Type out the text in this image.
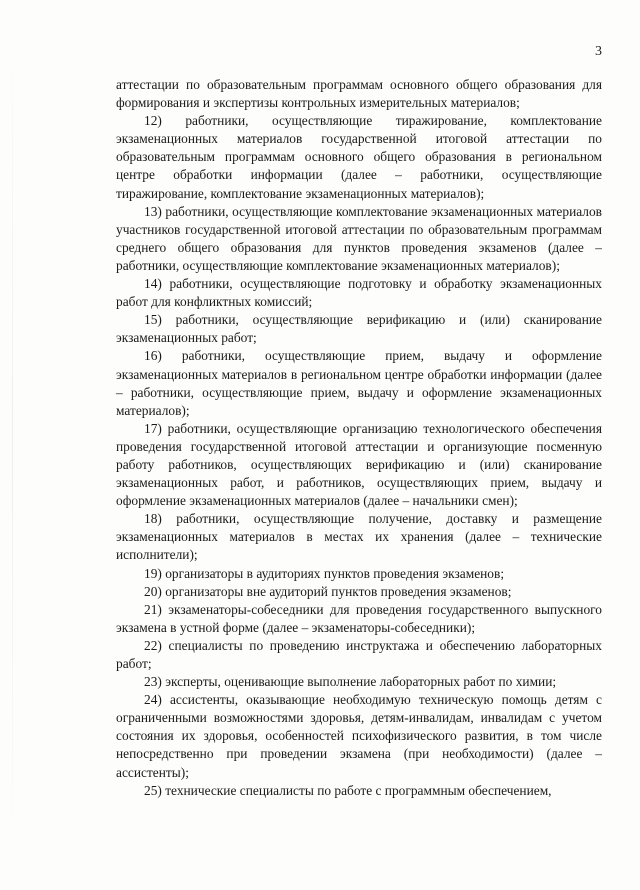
3

аттестации по образовательным программам основного общего образования для формирования и экспертизы контрольных измерительных материалов;

12) работники, осуществляющие тиражирование, комплектование экзаменационных материалов государственной итоговой аттестации по образовательным программам основного общего образования в региональном центре обработки информации (далее – работники, осуществляющие тиражирование, комплектование экзаменационных материалов);

13) работники, осуществляющие комплектование экзаменационных материалов участников государственной итоговой аттестации по образовательным программам среднего общего образования для пунктов проведения экзаменов (далее – работники, осуществляющие комплектование экзаменационных материалов);

14) работники, осуществляющие подготовку и обработку экзаменационных работ для конфликтных комиссий;

15) работники, осуществляющие верификацию и (или) сканирование экзаменационных работ;

16) работники, осуществляющие прием, выдачу и оформление экзаменационных материалов в региональном центре обработки информации (далее – работники, осуществляющие прием, выдачу и оформление экзаменационных материалов);

17) работники, осуществляющие организацию технологического обеспечения проведения государственной итоговой аттестации и организующие посменную работу работников, осуществляющих верификацию и (или) сканирование экзаменационных работ, и работников, осуществляющих прием, выдачу и оформление экзаменационных материалов (далее – начальники смен);

18) работники, осуществляющие получение, доставку и размещение экзаменационных материалов в местах их хранения (далее – технические исполнители);

19) организаторы в аудиториях пунктов проведения экзаменов;

20) организаторы вне аудиторий пунктов проведения экзаменов;

21) экзаменаторы-собеседники для проведения государственного выпускного экзамена в устной форме (далее – экзаменаторы-собеседники);

22) специалисты по проведению инструктажа и обеспечению лабораторных работ;

23) эксперты, оценивающие выполнение лабораторных работ по химии;

24) ассистенты, оказывающие необходимую техническую помощь детям с ограниченными возможностями здоровья, детям-инвалидам, инвалидам с учетом состояния их здоровья, особенностей психофизического развития, в том числе непосредственно при проведении экзамена (при необходимости) (далее – ассистенты);

25) технические специалисты по работе с программным обеспечением,
